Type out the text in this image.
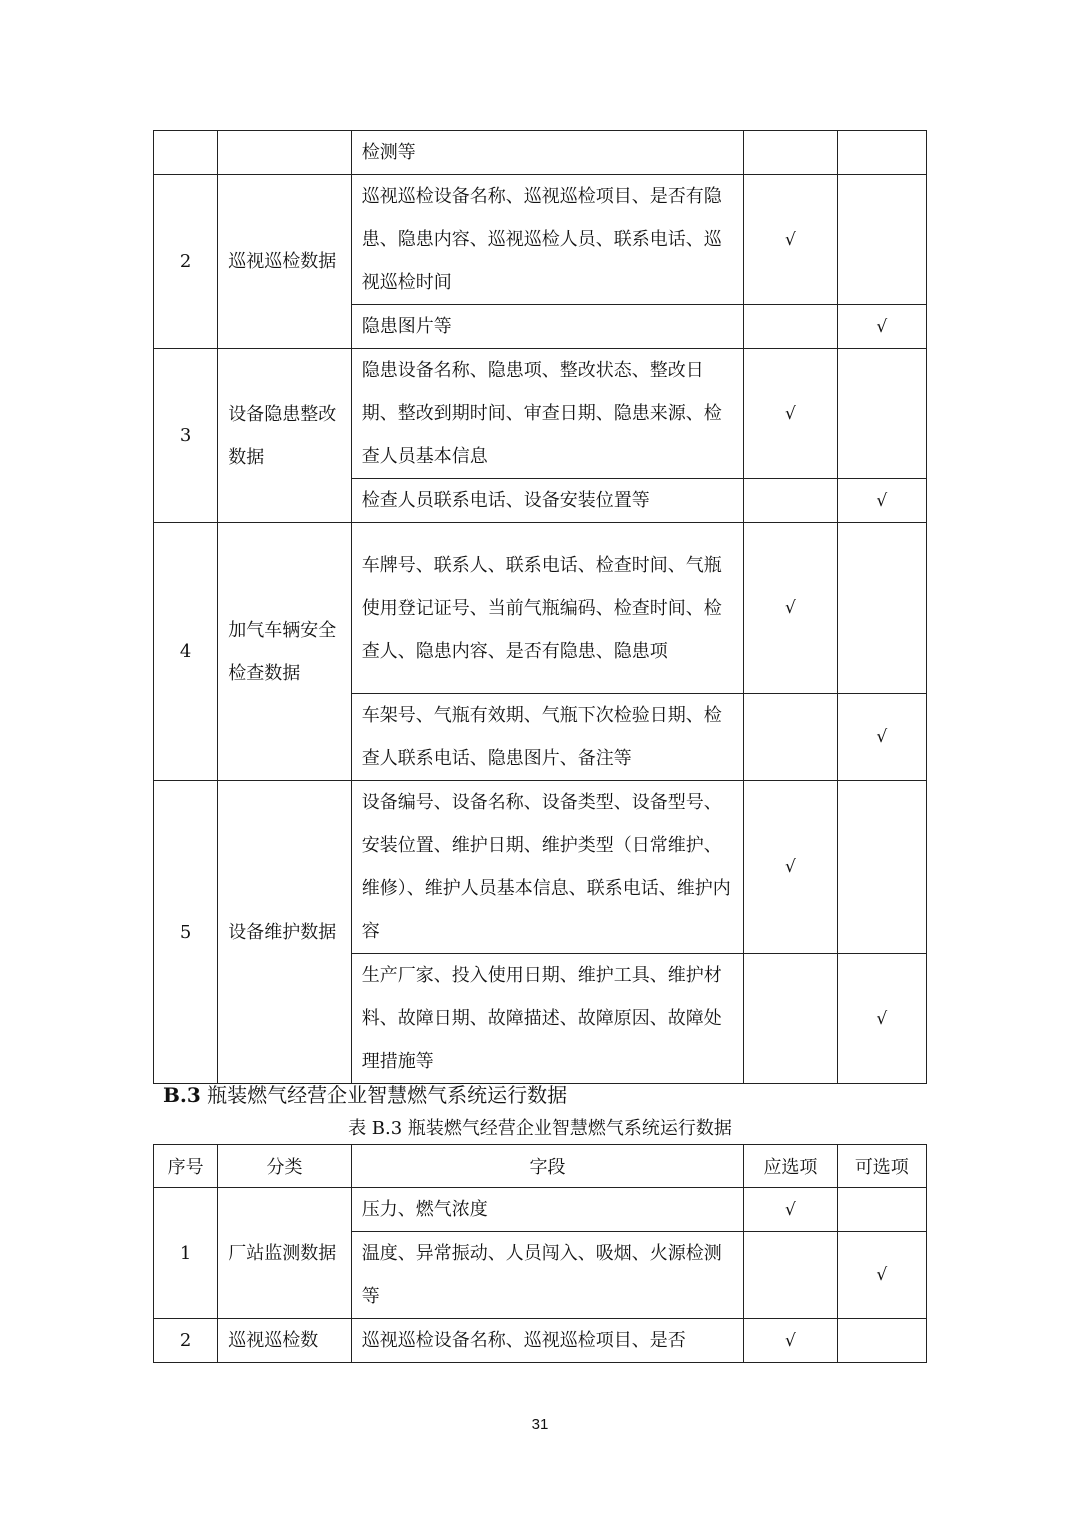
		检测等		
2	巡视巡检数据	巡视巡检设备名称、巡视巡检项目、是否有隐患、隐患内容、巡视巡检人员、联系电话、巡视巡检时间	√	
		隐患图片等		√
3	设备隐患整改数据	隐患设备名称、隐患项、整改状态、整改日期、整改到期时间、审查日期、隐患来源、检查人员基本信息	√	
		检查人员联系电话、设备安装位置等		√
4	加气车辆安全检查数据	车牌号、联系人、联系电话、检查时间、气瓶使用登记证号、当前气瓶编码、检查时间、检查人、隐患内容、是否有隐患、隐患项	√	
		车架号、气瓶有效期、气瓶下次检验日期、检查人联系电话、隐患图片、备注等		√
5	设备维护数据	设备编号、设备名称、设备类型、设备型号、安装位置、维护日期、维护类型（日常维护、维修）、维护人员基本信息、联系电话、维护内容	√	
		生产厂家、投入使用日期、维护工具、维护材料、故障日期、故障描述、故障原因、故障处理措施等		√
B.3 瓶装燃气经营企业智慧燃气系统运行数据
表 B.3 瓶装燃气经营企业智慧燃气系统运行数据
序号	分类	字段	应选项	可选项
1	厂站监测数据	压力、燃气浓度	√	
		温度、异常振动、人员闯入、吸烟、火源检测等		√
2	巡视巡检数	巡视巡检设备名称、巡视巡检项目、是否	√	
31
